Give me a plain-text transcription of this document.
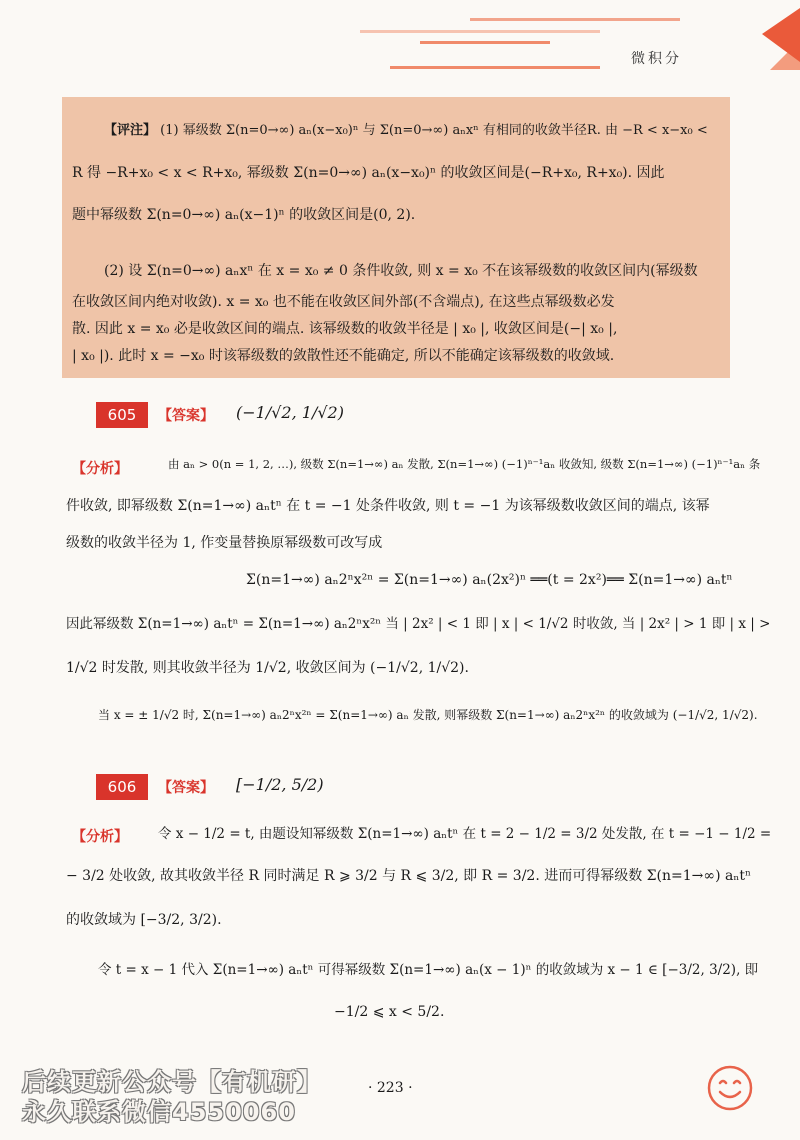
微积分
【评注】 (1) 幂级数 Σ(n=0→∞) aₙ(x−x₀)ⁿ 与 Σ(n=0→∞) aₙxⁿ 有相同的收敛半径R. 由 −R < x−x₀ <
R 得 −R+x₀ < x < R+x₀, 幂级数 Σ(n=0→∞) aₙ(x−x₀)ⁿ 的收敛区间是(−R+x₀, R+x₀). 因此
题中幂级数 Σ(n=0→∞) aₙ(x−1)ⁿ 的收敛区间是(0, 2).
(2) 设 Σ(n=0→∞) aₙxⁿ 在 x = x₀ ≠ 0 条件收敛, 则 x = x₀ 不在该幂级数的收敛区间内(幂级数
在收敛区间内绝对收敛). x = x₀ 也不能在收敛区间外部(不含端点), 在这些点幂级数必发
散. 因此 x = x₀ 必是收敛区间的端点. 该幂级数的收敛半径是 | x₀ |, 收敛区间是(−| x₀ |,
| x₀ |). 此时 x = −x₀ 时该幂级数的敛散性还不能确定, 所以不能确定该幂级数的收敛域.
605	【答案】 (−1/√2, 1/√2)
【分析】	由 aₙ > 0(n = 1, 2, …), 级数 Σ(n=1→∞) aₙ 发散, Σ(n=1→∞) (−1)ⁿ⁻¹aₙ 收敛知, 级数 Σ(n=1→∞) (−1)ⁿ⁻¹aₙ 条
件收敛, 即幂级数 Σ(n=1→∞) aₙtⁿ 在 t = −1 处条件收敛, 则 t = −1 为该幂级数收敛区间的端点, 该幂
级数的收敛半径为 1, 作变量替换原幂级数可改写成
Σ(n=1→∞) aₙ2ⁿx²ⁿ = Σ(n=1→∞) aₙ(2x²)ⁿ ══(t = 2x²)══ Σ(n=1→∞) aₙtⁿ
因此幂级数 Σ(n=1→∞) aₙtⁿ = Σ(n=1→∞) aₙ2ⁿx²ⁿ 当 | 2x² | < 1 即 | x | < 1/√2 时收敛, 当 | 2x² | > 1 即 | x | >
1/√2 时发散, 则其收敛半径为 1/√2, 收敛区间为 (−1/√2, 1/√2).
当 x = ± 1/√2 时, Σ(n=1→∞) aₙ2ⁿx²ⁿ = Σ(n=1→∞) aₙ 发散, 则幂级数 Σ(n=1→∞) aₙ2ⁿx²ⁿ 的收敛域为 (−1/√2, 1/√2).
606	【答案】 [−1/2, 5/2)
【分析】 令 x − 1/2 = t, 由题设知幂级数 Σ(n=1→∞) aₙtⁿ 在 t = 2 − 1/2 = 3/2 处发散, 在 t = −1 − 1/2 =
− 3/2 处收敛, 故其收敛半径 R 同时满足 R ⩾ 3/2 与 R ⩽ 3/2, 即 R = 3/2. 进而可得幂级数 Σ(n=1→∞) aₙtⁿ
的收敛域为 [−3/2, 3/2).
令 t = x − 1 代入 Σ(n=1→∞) aₙtⁿ 可得幂级数 Σ(n=1→∞) aₙ(x − 1)ⁿ 的收敛域为 x − 1 ∈ [−3/2, 3/2), 即
−1/2 ⩽ x < 5/2.
· 223 ·
后续更新公众号【有机研】
永久联系微信4550060
